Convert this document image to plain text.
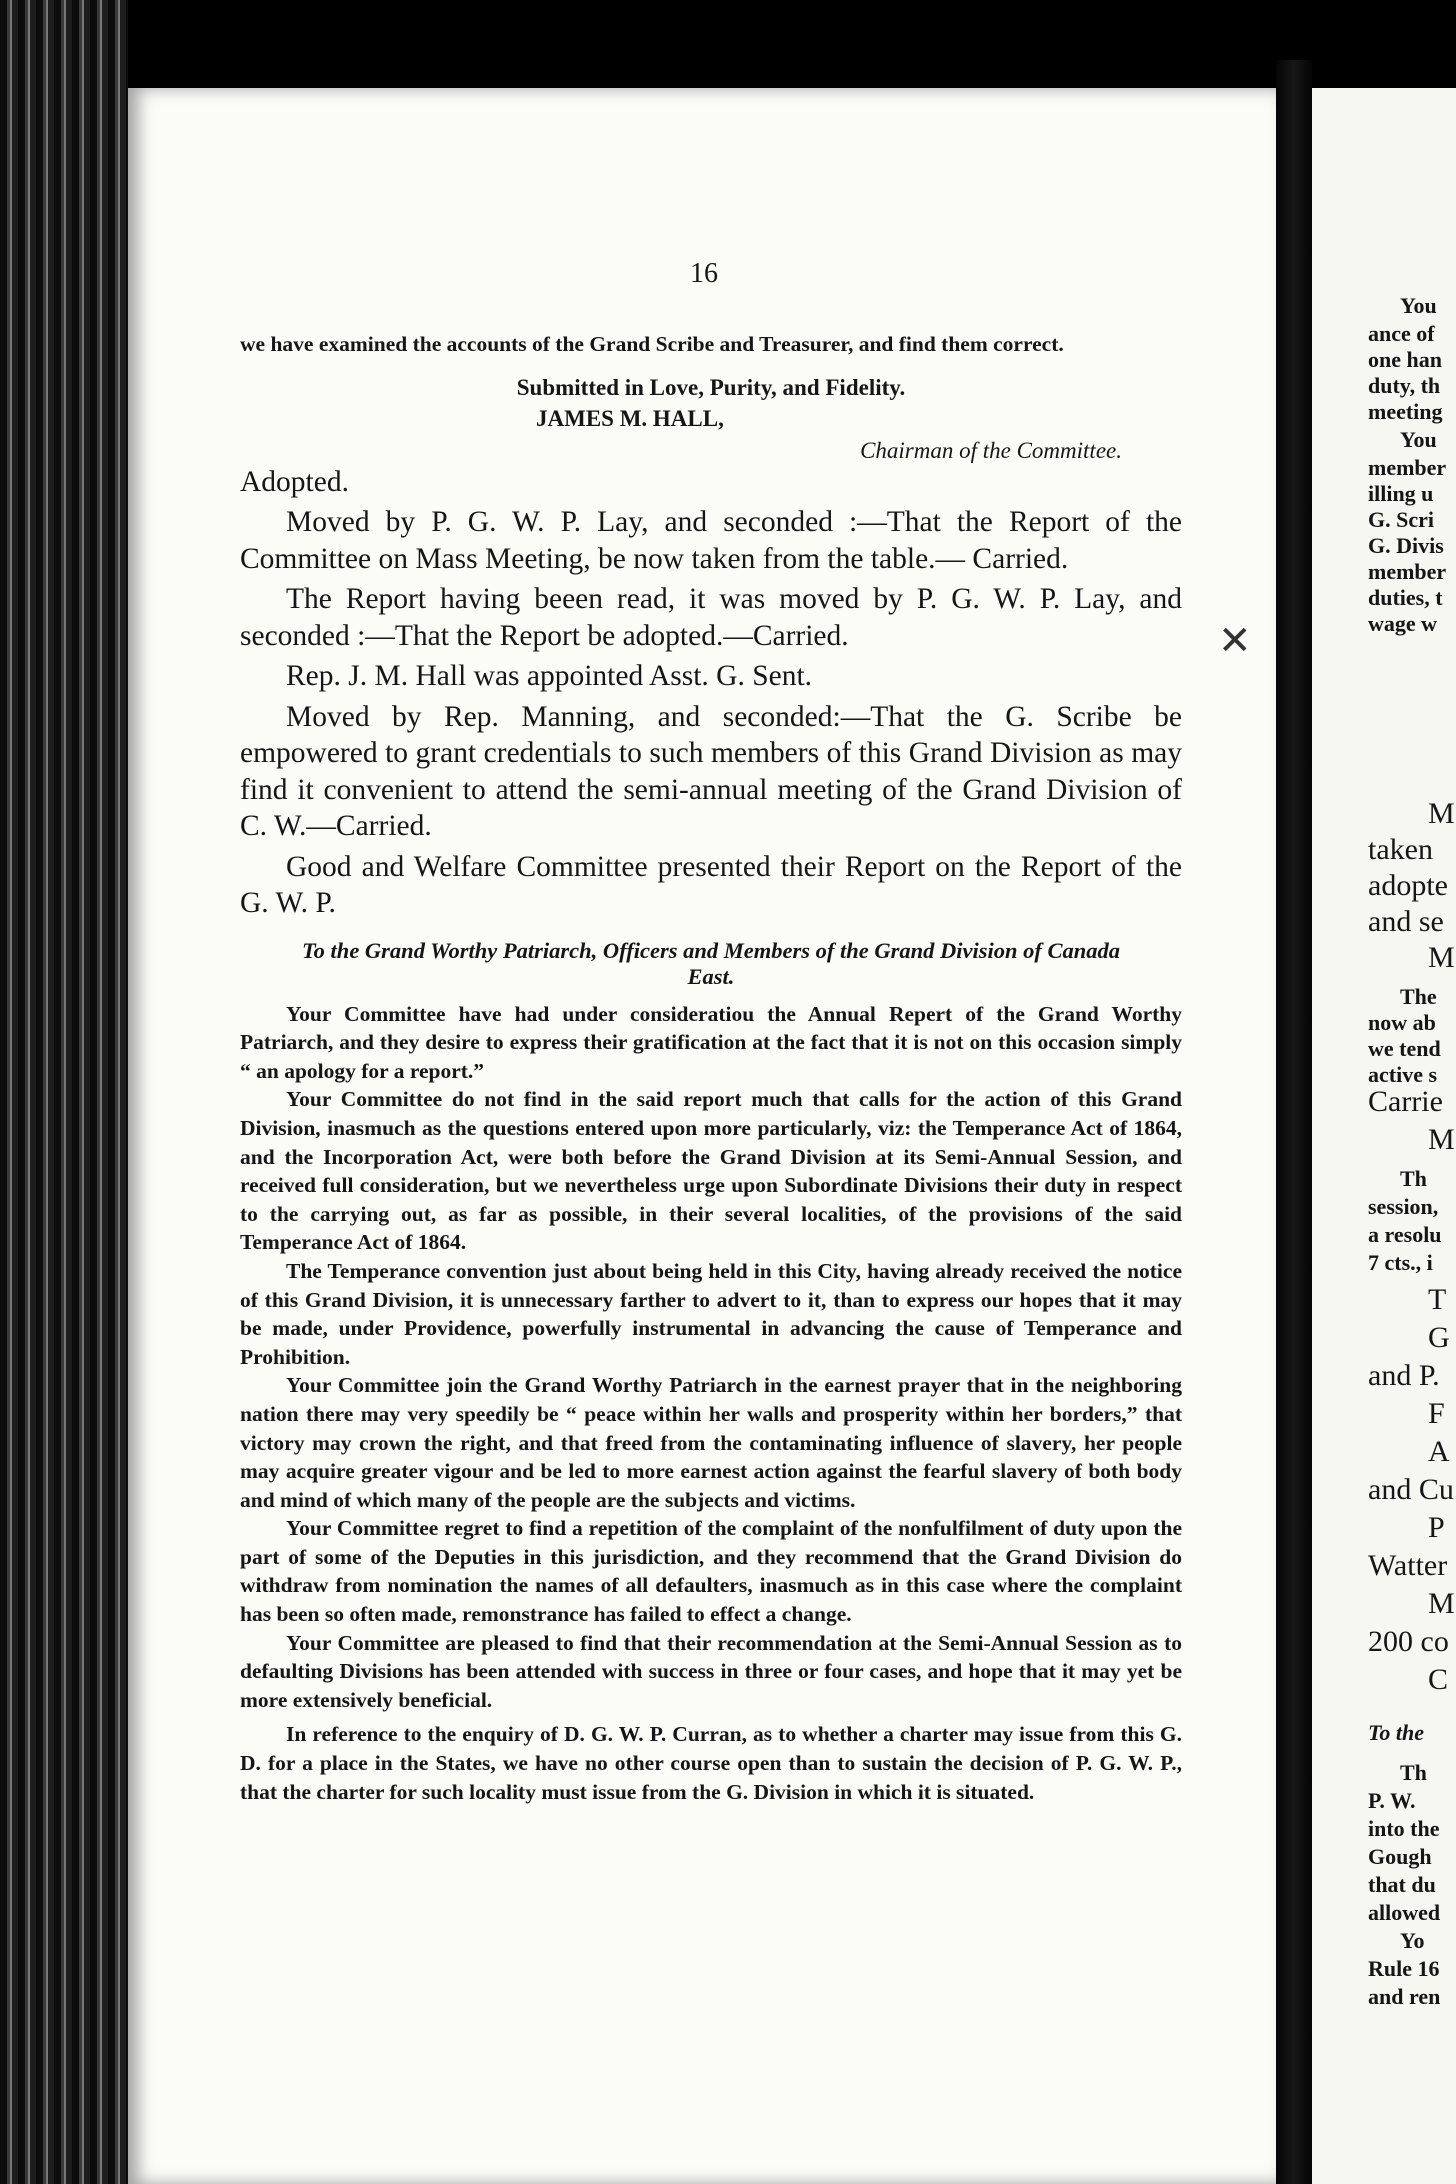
16

we have examined the accounts of the Grand Scribe and Treasurer, and find them correct.

Submitted in Love, Purity, and Fidelity.

JAMES M. HALL,

Chairman of the Committee.

Adopted.

Moved by P. G. W. P. Lay, and seconded :—That the Report of the Committee on Mass Meeting, be now taken from the table.— Carried.

The Report having beeen read, it was moved by P. G. W. P. Lay, and seconded :—That the Report be adopted.—Carried.

Rep. J. M. Hall was appointed Asst. G. Sent.

Moved by Rep. Manning, and seconded:—That the G. Scribe be empowered to grant credentials to such members of this Grand Division as may find it convenient to attend the semi-annual meeting of the Grand Division of C. W.—Carried.

Good and Welfare Committee presented their Report on the Report of the G. W. P.

To the Grand Worthy Patriarch, Officers and Members of the Grand Division of Canada East.

Your Committee have had under consideratiou the Annual Repert of the Grand Worthy Patriarch, and they desire to express their gratification at the fact that it is not on this occasion simply “ an apology for a report.”

Your Committee do not find in the said report much that calls for the action of this Grand Division, inasmuch as the questions entered upon more particularly, viz: the Temperance Act of 1864, and the Incorporation Act, were both before the Grand Division at its Semi-Annual Session, and received full consideration, but we nevertheless urge upon Subordinate Divisions their duty in respect to the carrying out, as far as possible, in their several localities, of the provisions of the said Temperance Act of 1864.

The Temperance convention just about being held in this City, having already received the notice of this Grand Division, it is unnecessary farther to advert to it, than to express our hopes that it may be made, under Providence, powerfully instrumental in advancing the cause of Temperance and Prohibition.

Your Committee join the Grand Worthy Patriarch in the earnest prayer that in the neighboring nation there may very speedily be “ peace within her walls and prosperity within her borders,” that victory may crown the right, and that freed from the contaminating influence of slavery, her people may acquire greater vigour and be led to more earnest action against the fearful slavery of both body and mind of which many of the people are the subjects and victims.

Your Committee regret to find a repetition of the complaint of the nonfulfilment of duty upon the part of some of the Deputies in this jurisdiction, and they recommend that the Grand Division do withdraw from nomination the names of all defaulters, inasmuch as in this case where the complaint has been so often made, remonstrance has failed to effect a change.

Your Committee are pleased to find that their recommendation at the Semi-Annual Session as to defaulting Divisions has been attended with success in three or four cases, and hope that it may yet be more extensively beneficial.

In reference to the enquiry of D. G. W. P. Curran, as to whether a charter may issue from this G. D. for a place in the States, we have no other course open than to sustain the decision of P. G. W. P., that the charter for such locality must issue from the G. Division in which it is situated.

✕
You
ance of
one han
duty, th
meeting
You
member
illing u
G. Scri
G. Divis
member
duties, t
wage w
M
taken
adopte
and se
M
The
now ab
we tend
active s
Carrie
M
Th
session,
a resolu
7 cts., i
T
G
and P.
F
A
and Cu
P
Watter
M
200 co
C
To the
Th
P. W.
into the
Gough
that du
allowed
Yo
Rule 16
and ren
